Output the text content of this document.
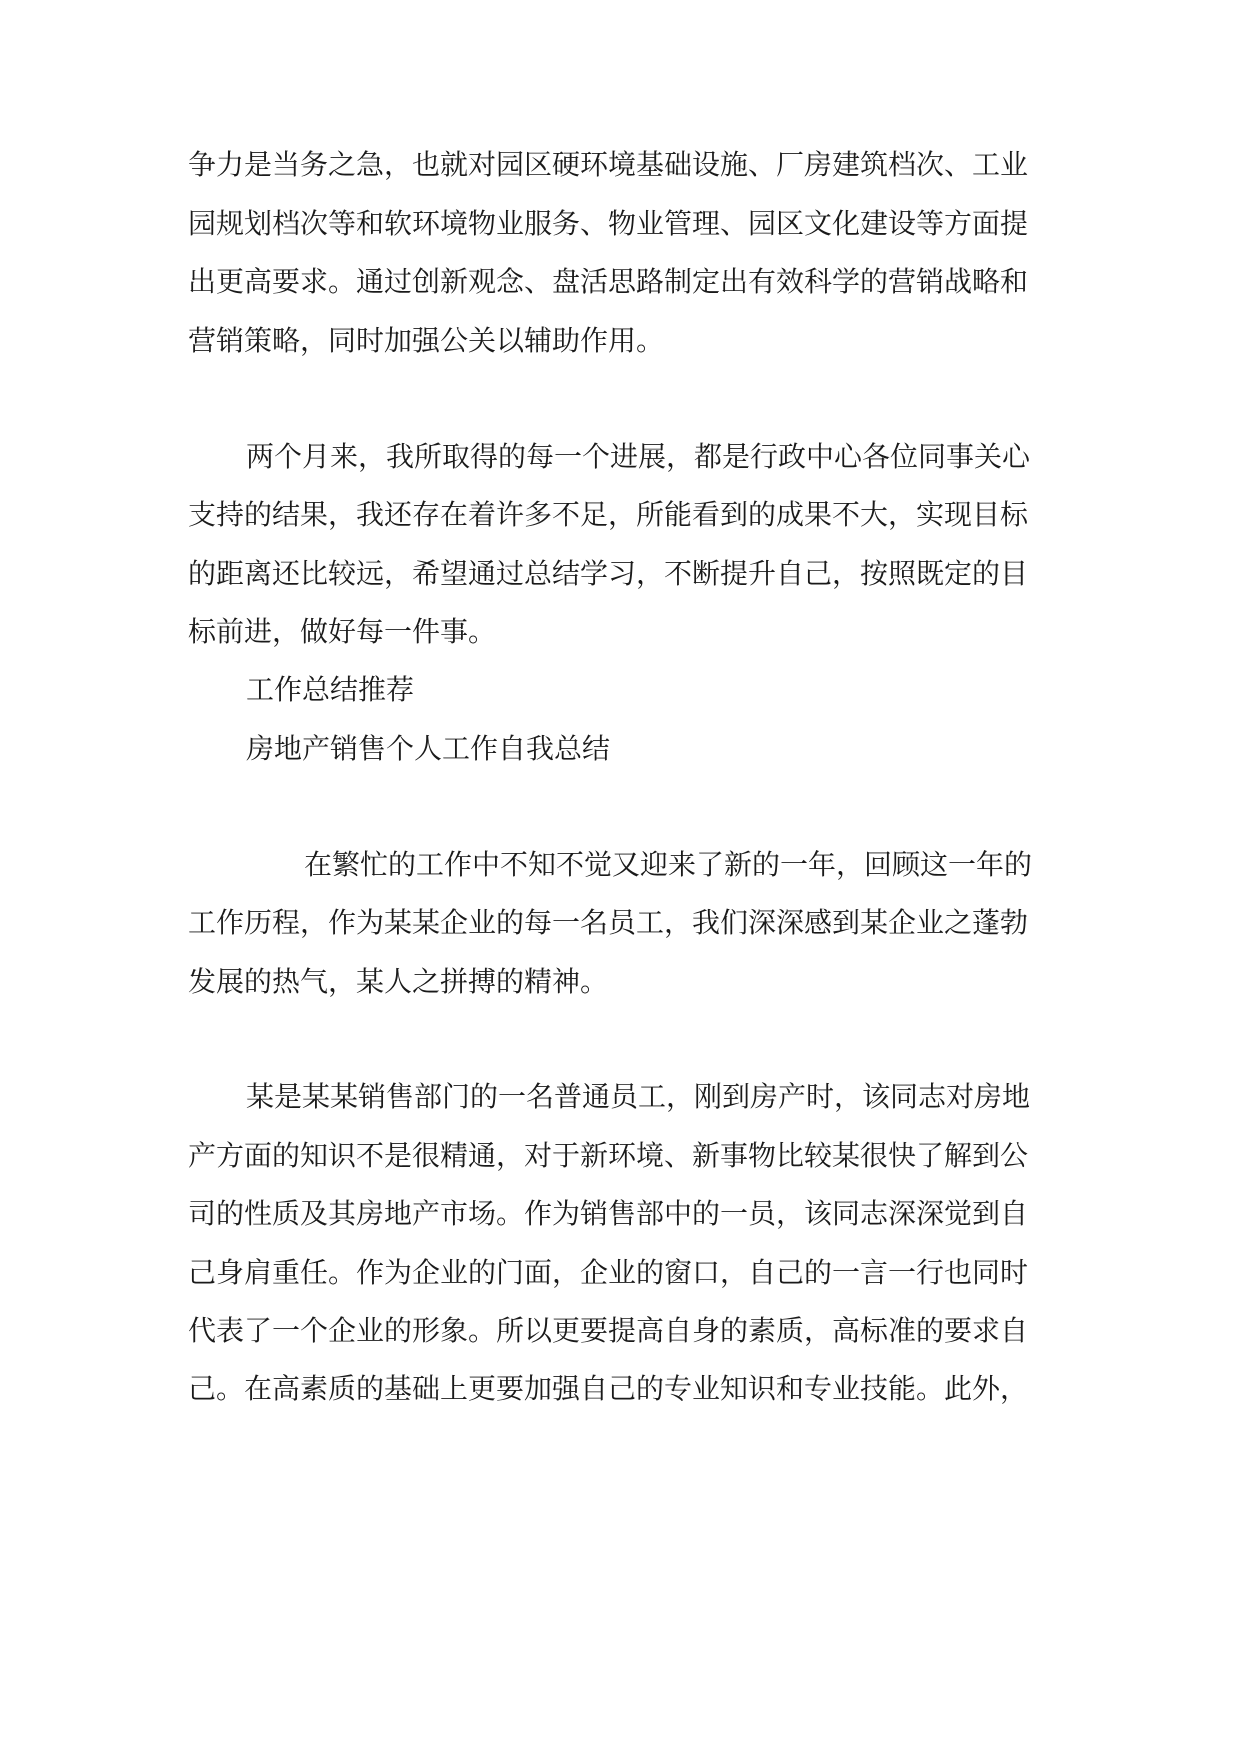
争力是当务之急，也就对园区硬环境基础设施、厂房建筑档次、工业
园规划档次等和软环境物业服务、物业管理、园区文化建设等方面提
出更高要求。通过创新观念、盘活思路制定出有效科学的营销战略和
营销策略，同时加强公关以辅助作用。
两个月来，我所取得的每一个进展，都是行政中心各位同事关心
支持的结果，我还存在着许多不足，所能看到的成果不大，实现目标
的距离还比较远，希望通过总结学习，不断提升自己，按照既定的目
标前进，做好每一件事。
工作总结推荐
房地产销售个人工作自我总结
在繁忙的工作中不知不觉又迎来了新的一年，回顾这一年的
工作历程，作为某某企业的每一名员工，我们深深感到某企业之蓬勃
发展的热气，某人之拼搏的精神。
某是某某销售部门的一名普通员工，刚到房产时，该同志对房地
产方面的知识不是很精通，对于新环境、新事物比较某很快了解到公
司的性质及其房地产市场。作为销售部中的一员，该同志深深觉到自
己身肩重任。作为企业的门面，企业的窗口，自己的一言一行也同时
代表了一个企业的形象。所以更要提高自身的素质，高标准的要求自
己。在高素质的基础上更要加强自己的专业知识和专业技能。此外，
